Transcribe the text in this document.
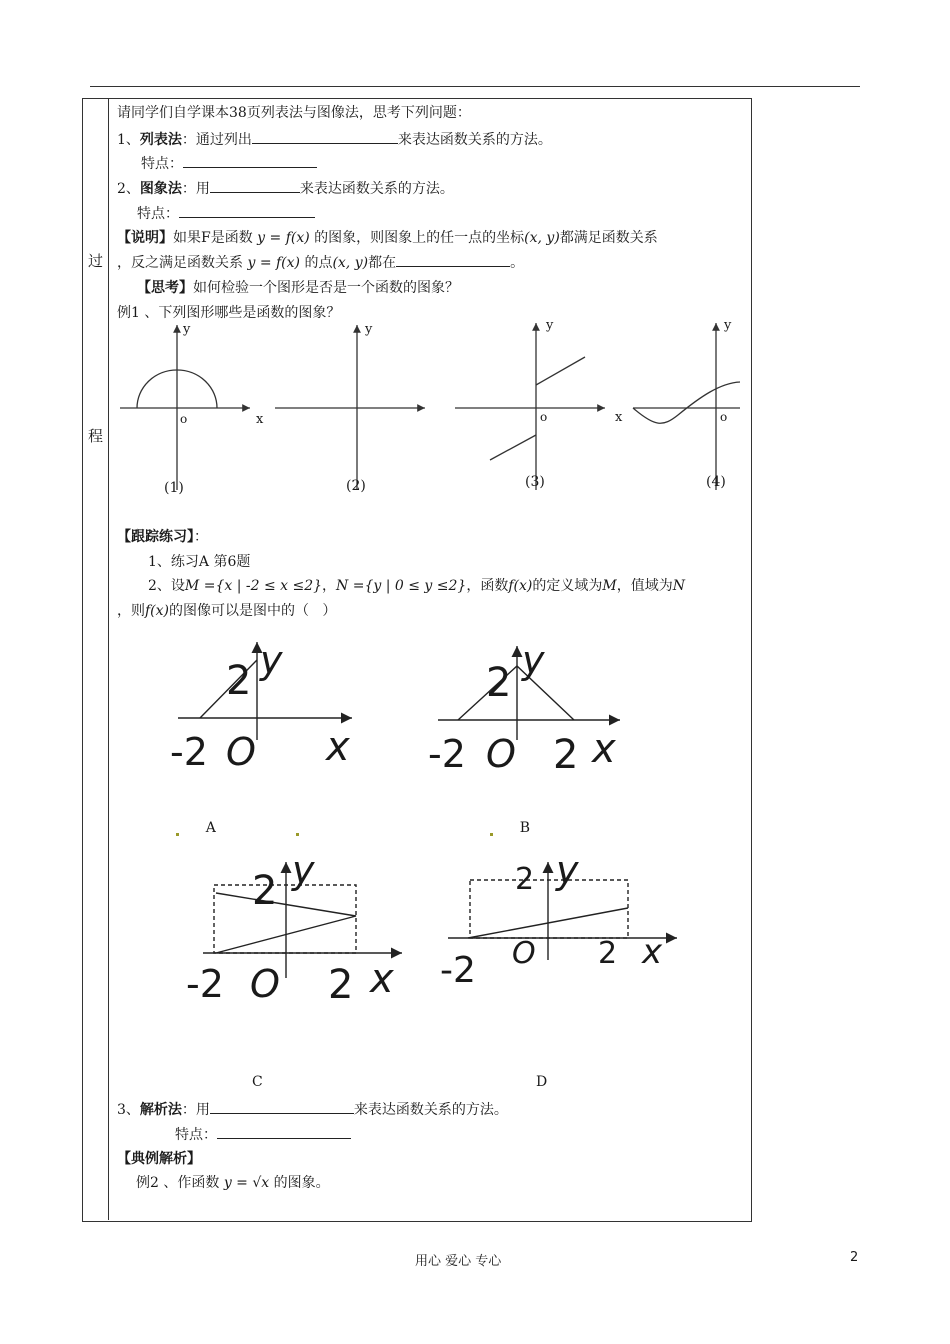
过
程
请同学们自学课本38页列表法与图像法，思考下列问题：
1、列表法：通过列出	来表达函数关系的方法。
特点：
2、图象法：用	来表达函数关系的方法。
特点：
【说明】如果F是函数 y = f(x) 的图象，则图象上的任一点的坐标(x, y)都满足函数关系
，反之满足函数关系 y = f(x) 的点(x, y)都在	。
【思考】如何检验一个图形是否是一个函数的图象？
例1 、下列图形哪些是函数的图象？
y
y	y	y
x	x
o	o	o
(1)	(2)	(3)	(4)
【跟踪练习】：
1、练习A 第6题
2、设M ={x | -2 ≤ x ≤2}，N ={y | 0 ≤ y ≤2}，函数f(x)的定义域为M，值域为N
，则f(x)的图像可以是图中的（ ）
2 y
-2 O x
2 y
-2 O 2 x
A	B
2 y
-2 O 2 x
2 y
-2 O 2 x
C	D
3、解析法：用	来表达函数关系的方法。
特点：
【典例解析】
例2 、作函数 y = √x 的图象。
用心 爱心 专心	2
